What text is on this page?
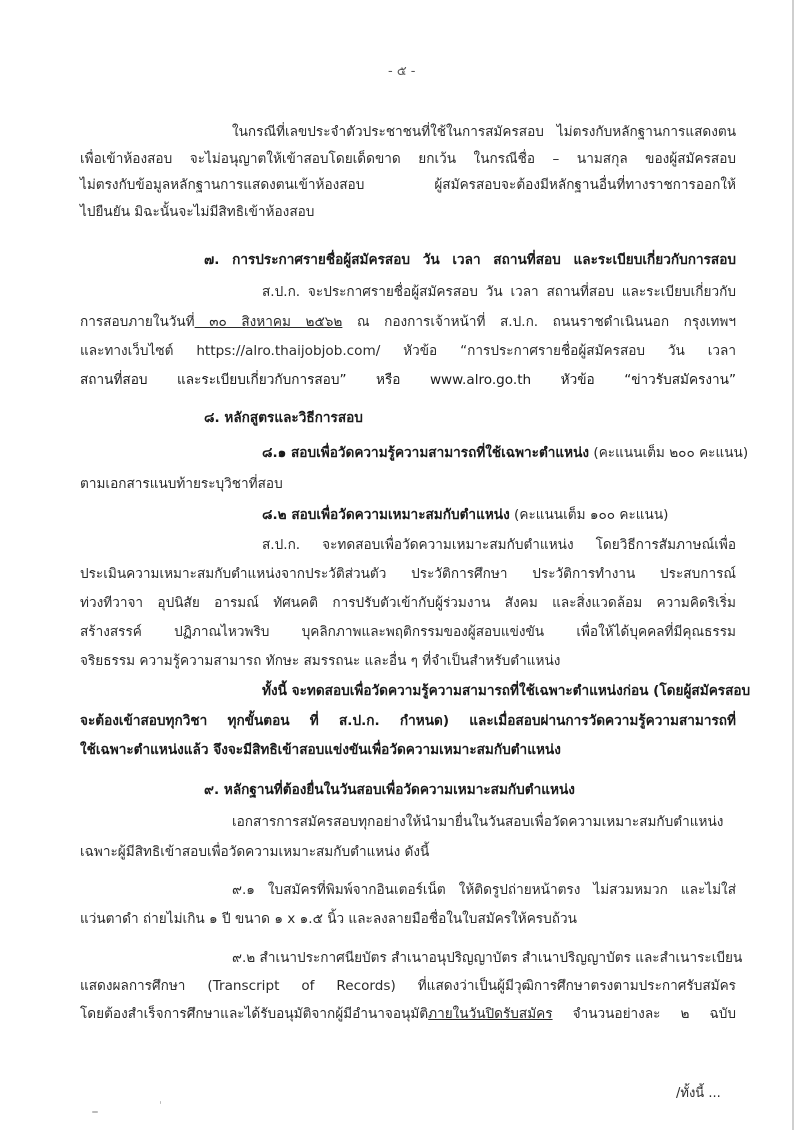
- ๕ -
ในกรณีที่เลขประจำตัวประชาชนที่ใช้ในการสมัครสอบ ไม่ตรงกับหลักฐานการแสดงตน
เพื่อเข้าห้องสอบ จะไม่อนุญาตให้เข้าสอบโดยเด็ดขาด ยกเว้น ในกรณีชื่อ – นามสกุล ของผู้สมัครสอบ
ไม่ตรงกับข้อมูลหลักฐานการแสดงตนเข้าห้องสอบ ผู้สมัครสอบจะต้องมีหลักฐานอื่นที่ทางราชการออกให้
ไปยืนยัน มิฉะนั้นจะไม่มีสิทธิเข้าห้องสอบ
๗. การประกาศรายชื่อผู้สมัครสอบ วัน เวลา สถานที่สอบ และระเบียบเกี่ยวกับการสอบ
ส.ป.ก. จะประกาศรายชื่อผู้สมัครสอบ วัน เวลา สถานที่สอบ และระเบียบเกี่ยวกับ
การสอบภายในวันที่ ๓๐ สิงหาคม ๒๕๖๒ ณ กองการเจ้าหน้าที่ ส.ป.ก. ถนนราชดำเนินนอก กรุงเทพฯ
และทางเว็บไซต์ https://alro.thaijobjob.com/ หัวข้อ “การประกาศรายชื่อผู้สมัครสอบ วัน เวลา
สถานที่สอบ และระเบียบเกี่ยวกับการสอบ” หรือ www.alro.go.th หัวข้อ “ข่าวรับสมัครงาน”
๘. หลักสูตรและวิธีการสอบ
๘.๑ สอบเพื่อวัดความรู้ความสามารถที่ใช้เฉพาะตำแหน่ง (คะแนนเต็ม ๒๐๐ คะแนน)
ตามเอกสารแนบท้ายระบุวิชาที่สอบ
๘.๒ สอบเพื่อวัดความเหมาะสมกับตำแหน่ง (คะแนนเต็ม ๑๐๐ คะแนน)
ส.ป.ก. จะทดสอบเพื่อวัดความเหมาะสมกับตำแหน่ง โดยวิธีการสัมภาษณ์เพื่อ
ประเมินความเหมาะสมกับตำแหน่งจากประวัติส่วนตัว ประวัติการศึกษา ประวัติการทำงาน ประสบการณ์
ท่วงทีวาจา อุปนิสัย อารมณ์ ทัศนคติ การปรับตัวเข้ากับผู้ร่วมงาน สังคม และสิ่งแวดล้อม ความคิดริเริ่ม
สร้างสรรค์ ปฏิภาณไหวพริบ บุคลิกภาพและพฤติกรรมของผู้สอบแข่งขัน เพื่อให้ได้บุคคลที่มีคุณธรรม
จริยธรรม ความรู้ความสามารถ ทักษะ สมรรถนะ และอื่น ๆ ที่จำเป็นสำหรับตำแหน่ง
ทั้งนี้ จะทดสอบเพื่อวัดความรู้ความสามารถที่ใช้เฉพาะตำแหน่งก่อน (โดยผู้สมัครสอบ
จะต้องเข้าสอบทุกวิชา ทุกขั้นตอน ที่ ส.ป.ก. กำหนด) และเมื่อสอบผ่านการวัดความรู้ความสามารถที่
ใช้เฉพาะตำแหน่งแล้ว จึงจะมีสิทธิเข้าสอบแข่งขันเพื่อวัดความเหมาะสมกับตำแหน่ง
๙. หลักฐานที่ต้องยื่นในวันสอบเพื่อวัดความเหมาะสมกับตำแหน่ง
เอกสารการสมัครสอบทุกอย่างให้นำมายื่นในวันสอบเพื่อวัดความเหมาะสมกับตำแหน่ง
เฉพาะผู้มีสิทธิเข้าสอบเพื่อวัดความเหมาะสมกับตำแหน่ง ดังนี้
๙.๑ ใบสมัครที่พิมพ์จากอินเตอร์เน็ต ให้ติดรูปถ่ายหน้าตรง ไม่สวมหมวก และไม่ใส่
แว่นตาดำ ถ่ายไม่เกิน ๑ ปี ขนาด ๑ x ๑.๕ นิ้ว และลงลายมือชื่อในใบสมัครให้ครบถ้วน
๙.๒ สำเนาประกาศนียบัตร สำเนาอนุปริญญาบัตร สำเนาปริญญาบัตร และสำเนาระเบียน
แสดงผลการศึกษา (Transcript of Records) ที่แสดงว่าเป็นผู้มีวุฒิการศึกษาตรงตามประกาศรับสมัคร
โดยต้องสำเร็จการศึกษาและได้รับอนุมัติจากผู้มีอำนาจอนุมัติภายในวันปิดรับสมัคร จำนวนอย่างละ ๒ ฉบับ
/ทั้งนี้ ...
